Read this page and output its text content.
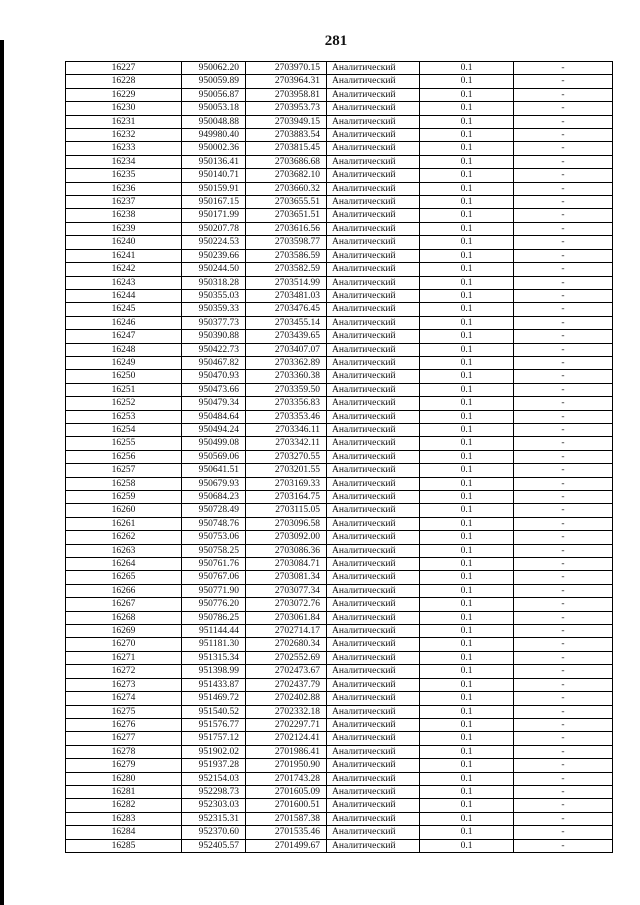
281
16227	950062.20	2703970.15	Аналитический	0.1	-
16228	950059.89	2703964.31	Аналитический	0.1	-
16229	950056.87	2703958.81	Аналитический	0.1	-
16230	950053.18	2703953.73	Аналитический	0.1	-
16231	950048.88	2703949.15	Аналитический	0.1	-
16232	949980.40	2703883.54	Аналитический	0.1	-
16233	950002.36	2703815.45	Аналитический	0.1	-
16234	950136.41	2703686.68	Аналитический	0.1	-
16235	950140.71	2703682.10	Аналитический	0.1	-
16236	950159.91	2703660.32	Аналитический	0.1	-
16237	950167.15	2703655.51	Аналитический	0.1	-
16238	950171.99	2703651.51	Аналитический	0.1	-
16239	950207.78	2703616.56	Аналитический	0.1	-
16240	950224.53	2703598.77	Аналитический	0.1	-
16241	950239.66	2703586.59	Аналитический	0.1	-
16242	950244.50	2703582.59	Аналитический	0.1	-
16243	950318.28	2703514.99	Аналитический	0.1	-
16244	950355.03	2703481.03	Аналитический	0.1	-
16245	950359.33	2703476.45	Аналитический	0.1	-
16246	950377.73	2703455.14	Аналитический	0.1	-
16247	950390.88	2703439.65	Аналитический	0.1	-
16248	950422.73	2703407.07	Аналитический	0.1	-
16249	950467.82	2703362.89	Аналитический	0.1	-
16250	950470.93	2703360.38	Аналитический	0.1	-
16251	950473.66	2703359.50	Аналитический	0.1	-
16252	950479.34	2703356.83	Аналитический	0.1	-
16253	950484.64	2703353.46	Аналитический	0.1	-
16254	950494.24	2703346.11	Аналитический	0.1	-
16255	950499.08	2703342.11	Аналитический	0.1	-
16256	950569.06	2703270.55	Аналитический	0.1	-
16257	950641.51	2703201.55	Аналитический	0.1	-
16258	950679.93	2703169.33	Аналитический	0.1	-
16259	950684.23	2703164.75	Аналитический	0.1	-
16260	950728.49	2703115.05	Аналитический	0.1	-
16261	950748.76	2703096.58	Аналитический	0.1	-
16262	950753.06	2703092.00	Аналитический	0.1	-
16263	950758.25	2703086.36	Аналитический	0.1	-
16264	950761.76	2703084.71	Аналитический	0.1	-
16265	950767.06	2703081.34	Аналитический	0.1	-
16266	950771.90	2703077.34	Аналитический	0.1	-
16267	950776.20	2703072.76	Аналитический	0.1	-
16268	950786.25	2703061.84	Аналитический	0.1	-
16269	951144.44	2702714.17	Аналитический	0.1	-
16270	951181.30	2702680.34	Аналитический	0.1	-
16271	951315.34	2702552.69	Аналитический	0.1	-
16272	951398.99	2702473.67	Аналитический	0.1	-
16273	951433.87	2702437.79	Аналитический	0.1	-
16274	951469.72	2702402.88	Аналитический	0.1	-
16275	951540.52	2702332.18	Аналитический	0.1	-
16276	951576.77	2702297.71	Аналитический	0.1	-
16277	951757.12	2702124.41	Аналитический	0.1	-
16278	951902.02	2701986.41	Аналитический	0.1	-
16279	951937.28	2701950.90	Аналитический	0.1	-
16280	952154.03	2701743.28	Аналитический	0.1	-
16281	952298.73	2701605.09	Аналитический	0.1	-
16282	952303.03	2701600.51	Аналитический	0.1	-
16283	952315.31	2701587.38	Аналитический	0.1	-
16284	952370.60	2701535.46	Аналитический	0.1	-
16285	952405.57	2701499.67	Аналитический	0.1	-
